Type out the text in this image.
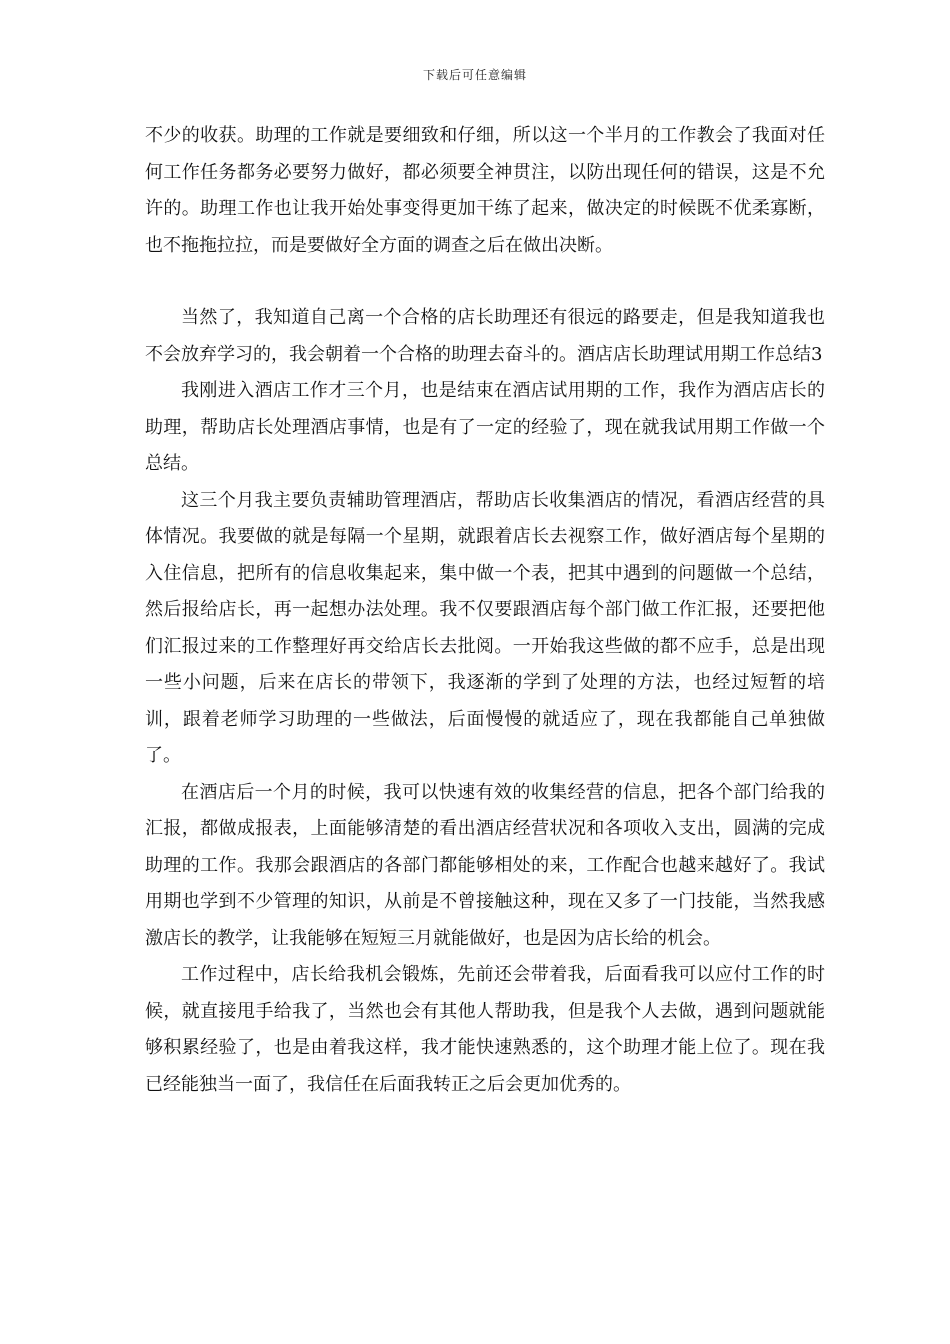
下载后可任意编辑

不少的收获。助理的工作就是要细致和仔细，所以这一个半月的工作教会了我面对任何工作任务都务必要努力做好，都必须要全神贯注，以防出现任何的错误，这是不允许的。助理工作也让我开始处事变得更加干练了起来，做决定的时候既不优柔寡断，也不拖拖拉拉，而是要做好全方面的调查之后在做出决断。

当然了，我知道自己离一个合格的店长助理还有很远的路要走，但是我知道我也不会放弃学习的，我会朝着一个合格的助理去奋斗的。酒店店长助理试用期工作总结3

我刚进入酒店工作才三个月，也是结束在酒店试用期的工作，我作为酒店店长的助理，帮助店长处理酒店事情，也是有了一定的经验了，现在就我试用期工作做一个总结。

这三个月我主要负责辅助管理酒店，帮助店长收集酒店的情况，看酒店经营的具体情况。我要做的就是每隔一个星期，就跟着店长去视察工作，做好酒店每个星期的入住信息，把所有的信息收集起来，集中做一个表，把其中遇到的问题做一个总结，然后报给店长，再一起想办法处理。我不仅要跟酒店每个部门做工作汇报，还要把他们汇报过来的工作整理好再交给店长去批阅。一开始我这些做的都不应手，总是出现一些小问题，后来在店长的带领下，我逐渐的学到了处理的方法，也经过短暂的培训，跟着老师学习助理的一些做法，后面慢慢的就适应了，现在我都能自己单独做了。

在酒店后一个月的时候，我可以快速有效的收集经营的信息，把各个部门给我的汇报，都做成报表，上面能够清楚的看出酒店经营状况和各项收入支出，圆满的完成助理的工作。我那会跟酒店的各部门都能够相处的来，工作配合也越来越好了。我试用期也学到不少管理的知识，从前是不曾接触这种，现在又多了一门技能，当然我感激店长的教学，让我能够在短短三月就能做好，也是因为店长给的机会。

工作过程中，店长给我机会锻炼，先前还会带着我，后面看我可以应付工作的时候，就直接甩手给我了，当然也会有其他人帮助我，但是我个人去做，遇到问题就能够积累经验了，也是由着我这样，我才能快速熟悉的，这个助理才能上位了。现在我已经能独当一面了，我信任在后面我转正之后会更加优秀的。
